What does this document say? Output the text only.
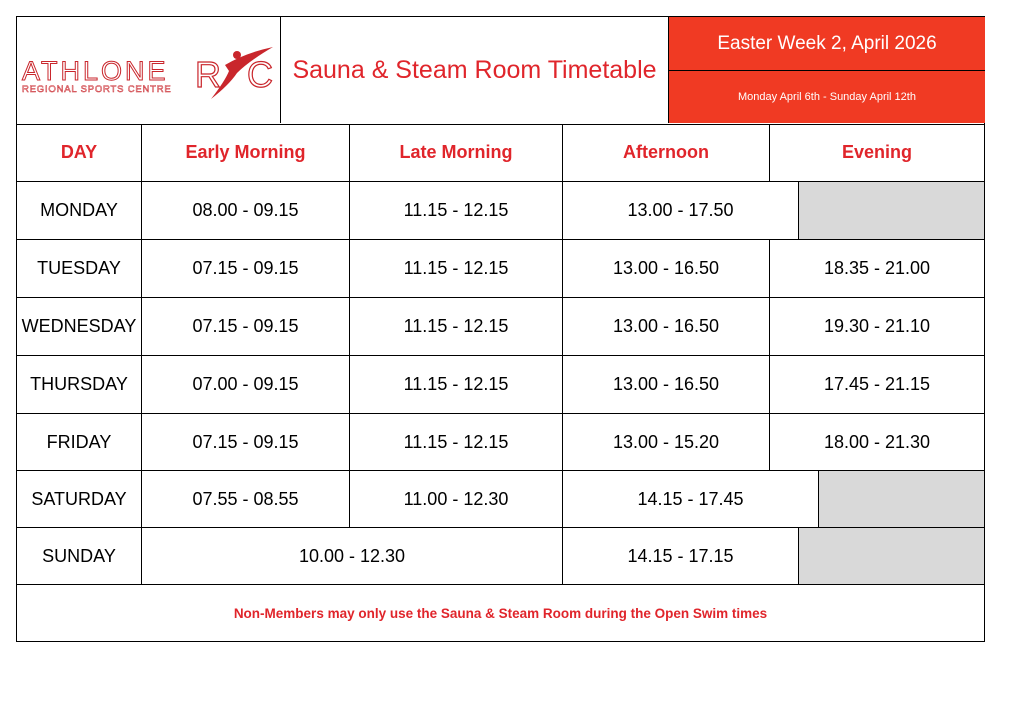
ATHLONE
REGIONAL SPORTS CENTRE R C Sauna & Steam Room Timetable
Easter Week 2, April 2026
Monday April 6th - Sunday April 12th
DAY	Early Morning	Late Morning	Afternoon	Evening
MONDAY	08.00 - 09.15	11.15 - 12.15	13.00 - 17.50
TUESDAY	07.15 - 09.15	11.15 - 12.15	13.00 - 16.50	18.35 - 21.00
WEDNESDAY	07.15 - 09.15	11.15 - 12.15	13.00 - 16.50	19.30 - 21.10
THURSDAY	07.00 - 09.15	11.15 - 12.15	13.00 - 16.50	17.45 - 21.15
FRIDAY	07.15 - 09.15	11.15 - 12.15	13.00 - 15.20	18.00 - 21.30
SATURDAY	07.55 - 08.55	11.00 - 12.30	14.15 - 17.45
SUNDAY	10.00 - 12.30	14.15 - 17.15
Non-Members may only use the Sauna & Steam Room during the Open Swim times
